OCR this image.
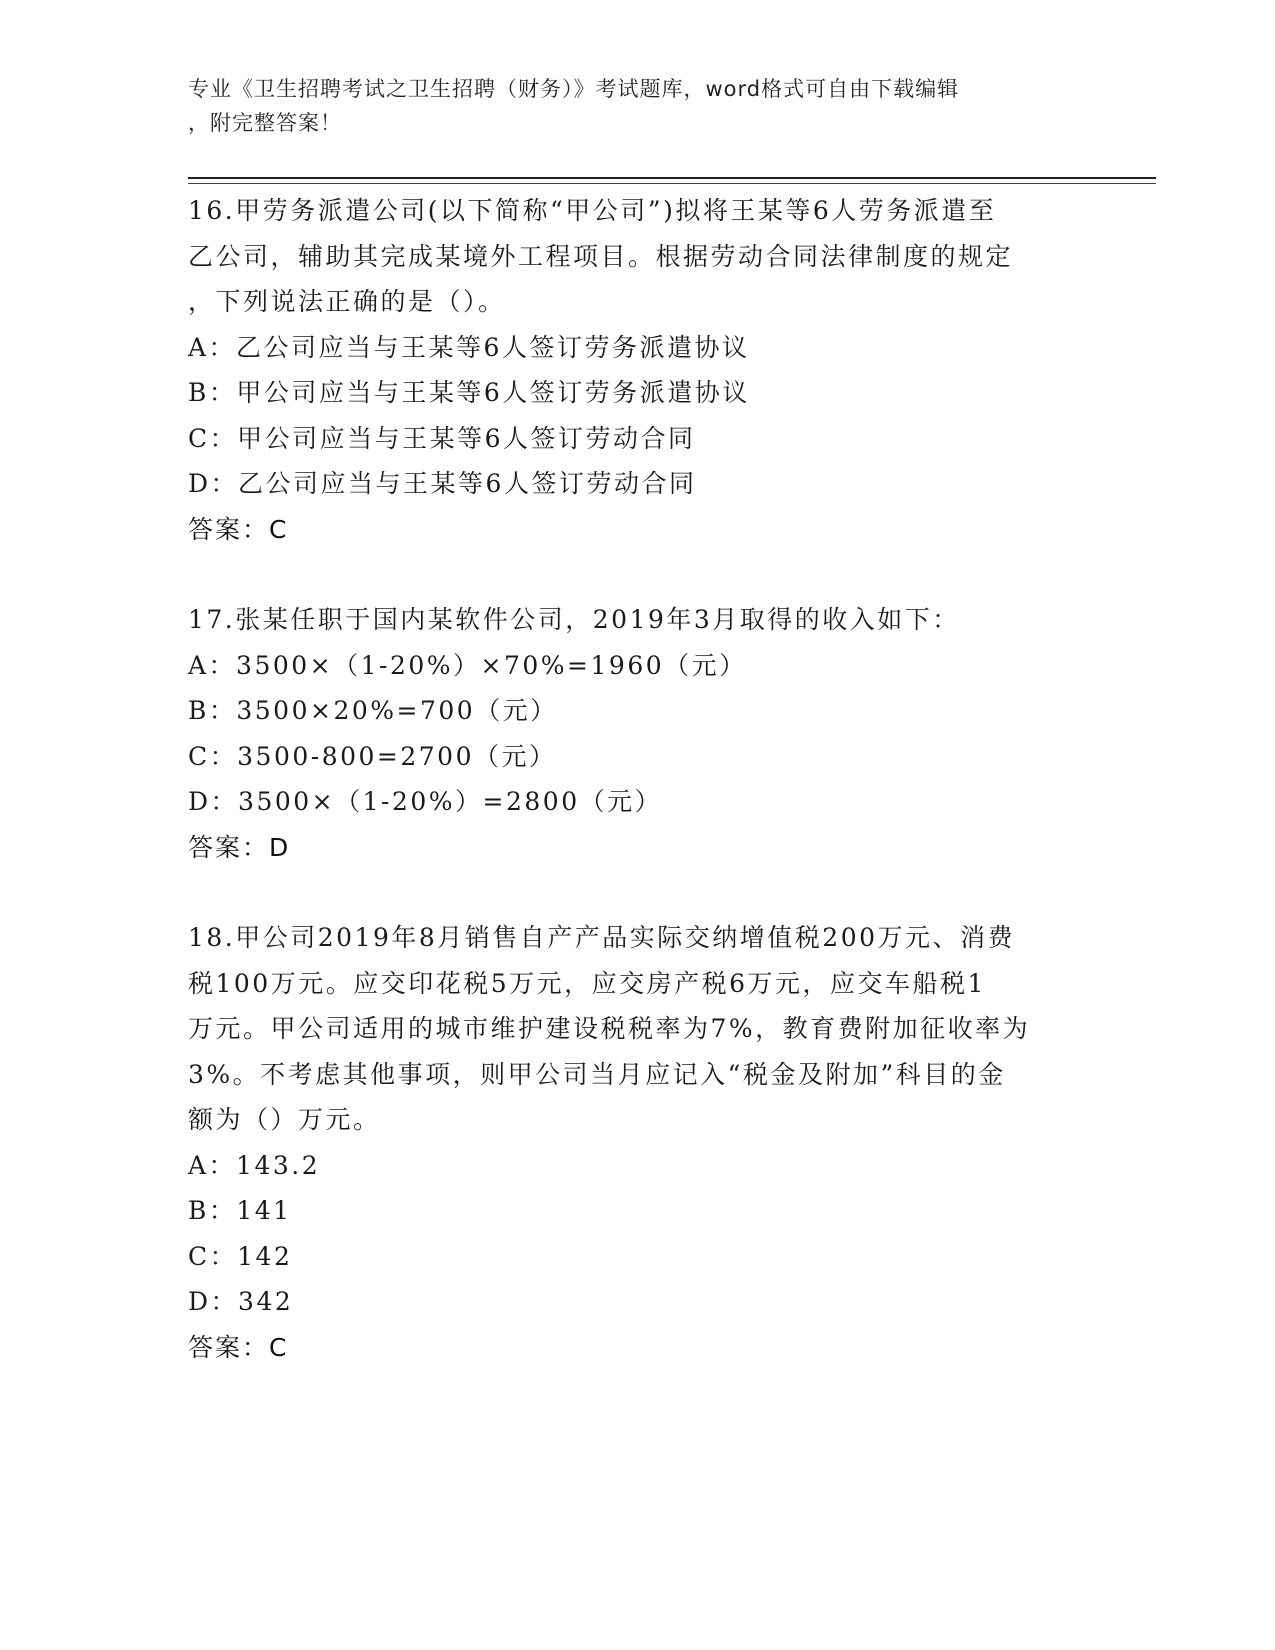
专业《卫生招聘考试之卫生招聘（财务）》考试题库，word格式可自由下载编辑

，附完整答案！

16.甲劳务派遣公司(以下简称“甲公司”)拟将王某等6人劳务派遣至

乙公司，辅助其完成某境外工程项目。根据劳动合同法律制度的规定

，下列说法正确的是（）。

A：乙公司应当与王某等6人签订劳务派遣协议

B：甲公司应当与王某等6人签订劳务派遣协议

C：甲公司应当与王某等6人签订劳动合同

D：乙公司应当与王某等6人签订劳动合同

答案：C

17.张某任职于国内某软件公司，2019年3月取得的收入如下：

A：3500×（1-20%）×70%=1960（元）

B：3500×20%=700（元）

C：3500-800=2700（元）

D：3500×（1-20%）=2800（元）

答案：D

18.甲公司2019年8月销售自产产品实际交纳增值税200万元、消费

税100万元。应交印花税5万元，应交房产税6万元，应交车船税1

万元。甲公司适用的城市维护建设税税率为7%，教育费附加征收率为

3%。不考虑其他事项，则甲公司当月应记入“税金及附加”科目的金

额为（）万元。

A：143.2

B：141

C：142

D：342

答案：C
